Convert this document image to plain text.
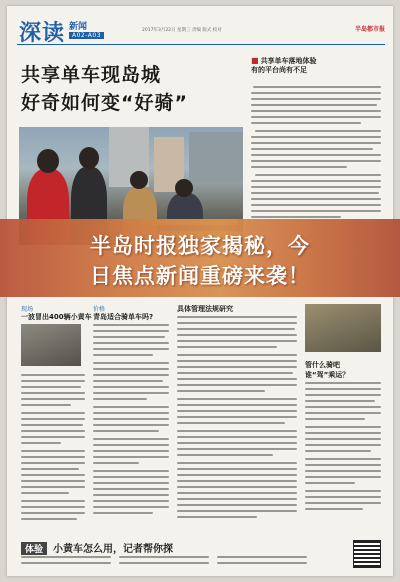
深读 新闻
A02-A03
2017年3月22日 星期三 责编 版式 校对	半岛都市报
共享单车现岛城
好奇如何变“好骑”
■ 共享单车落地体验
有的平台尚有不足
现场
一波冒出400辆小黄车
价格
青岛适合骑单车吗?
具体管理法规研究
管什么骑吧
谁“驾”乘运？
体验 小黄车怎么用，记者帮你探
半岛时报独家揭秘，今
日焦点新闻重磅来袭！
